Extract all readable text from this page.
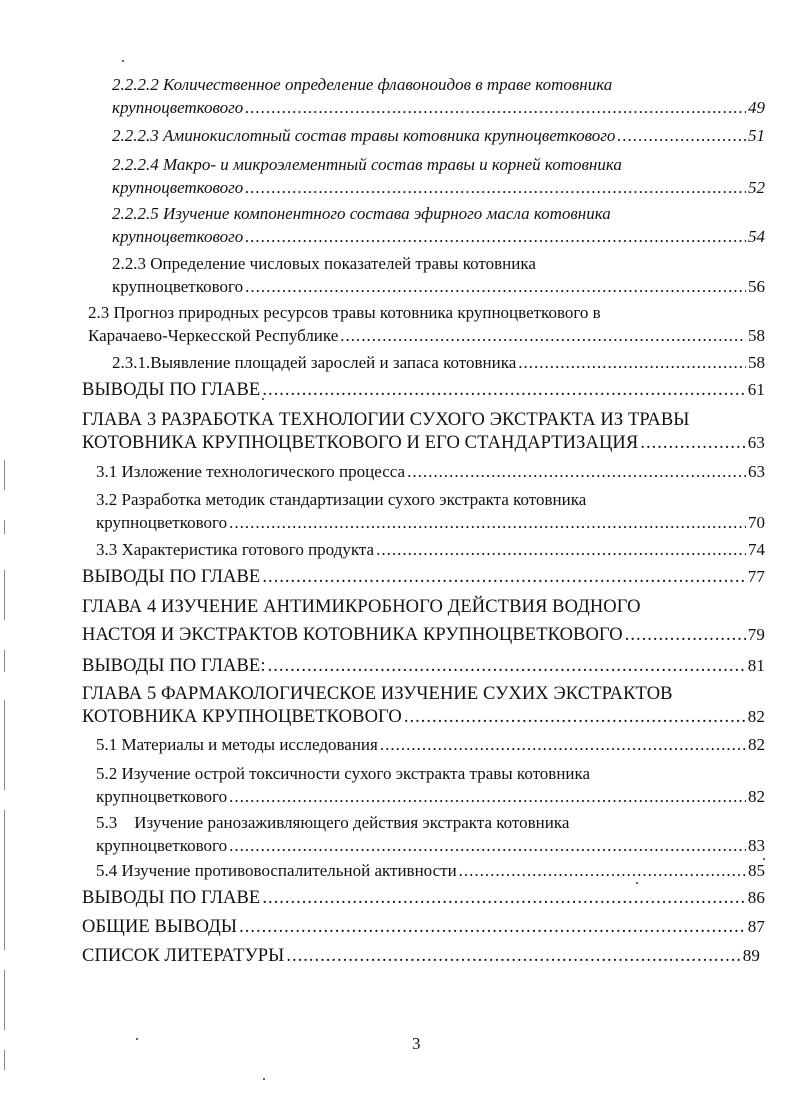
2.2.2.2 Количественное определение флавоноидов в траве котовника
крупноцветкового .....	49
2.2.2.3 Аминокислотный состав травы котовника крупноцветкового .....	51
2.2.2.4 Макро- и микроэлементный состав травы и корней котовника
крупноцветкового .....	52
2.2.2.5 Изучение компонентного состава эфирного масла котовника
крупноцветкового .....	54
2.2.3 Определение числовых показателей травы котовника
крупноцветкового .....	56
2.3 Прогноз природных ресурсов травы котовника крупноцветкового в
Карачаево-Черкесской Республике .....	58
2.3.1.Выявление площадей зарослей и запаса котовника .....	58
ВЫВОДЫ ПО ГЛАВЕ .....	61
ГЛАВА 3 РАЗРАБОТКА ТЕХНОЛОГИИ СУХОГО ЭКСТРАКТА ИЗ ТРАВЫ
КОТОВНИКА КРУПНОЦВЕТКОВОГО И ЕГО СТАНДАРТИЗАЦИЯ .....	63
3.1 Изложение технологического процесса .....	63
3.2 Разработка методик стандартизации сухого экстракта котовника
крупноцветкового .....	70
3.3 Характеристика готового продукта .....	74
ВЫВОДЫ ПО ГЛАВЕ .....	77
ГЛАВА 4 ИЗУЧЕНИЕ АНТИМИКРОБНОГО ДЕЙСТВИЯ ВОДНОГО
НАСТОЯ И ЭКСТРАКТОВ КОТОВНИКА КРУПНОЦВЕТКОВОГО .....	79
ВЫВОДЫ ПО ГЛАВЕ: .....	81
ГЛАВА 5 ФАРМАКОЛОГИЧЕСКОЕ ИЗУЧЕНИЕ СУХИХ ЭКСТРАКТОВ
КОТОВНИКА КРУПНОЦВЕТКОВОГО .....	82
5.1 Материалы и методы исследования .....	82
5.2 Изучение острой токсичности сухого экстракта травы котовника
крупноцветкового .....	82
5.3    Изучение ранозаживляющего действия экстракта котовника
крупноцветкового .....	83
5.4 Изучение противовоспалительной активности .....	85
ВЫВОДЫ ПО ГЛАВЕ .....	86
ОБЩИЕ ВЫВОДЫ .....	87
СПИСОК ЛИТЕРАТУРЫ .....	89
3
